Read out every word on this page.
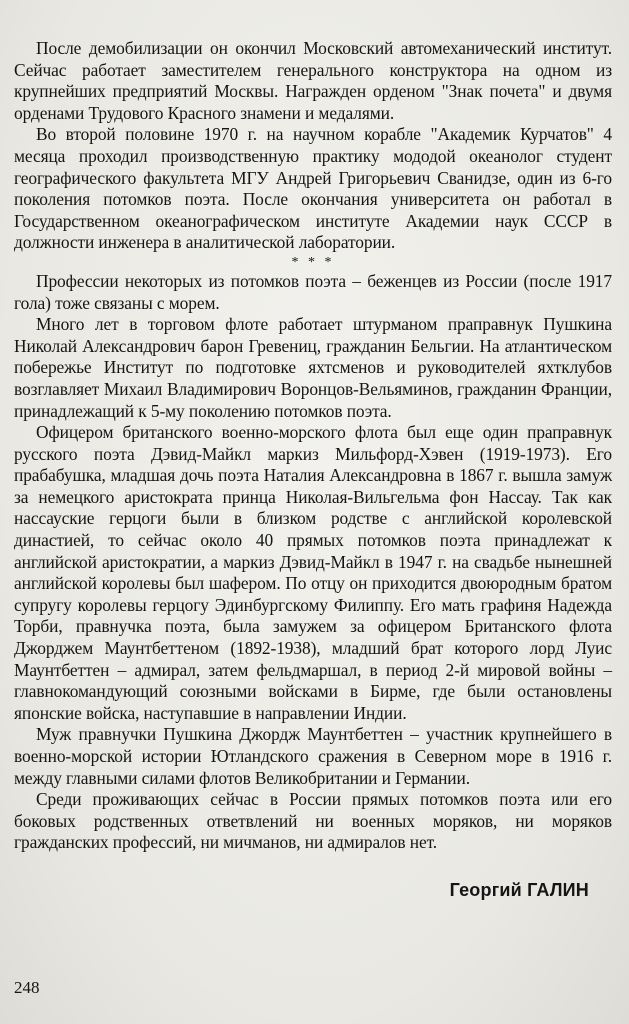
После демобилизации он окончил Московский автомеханический институт. Сейчас работает заместителем генерального конструктора на одном из крупнейших предприятий Москвы. Награжден орденом "Знак почета" и двумя орденами Трудового Красного знамени и медалями.

Во второй половине 1970 г. на научном корабле "Академик Курчатов" 4 месяца проходил производственную практику мододой океанолог студент географического факультета МГУ Андрей Григорьевич Сванидзе, один из 6-го поколения потомков поэта. После окончания университета он работал в Государственном океанографическом институте Академии наук СССР в должности инженера в аналитической лаборатории.

* * *

Профессии некоторых из потомков поэта – беженцев из России (после 1917 гола) тоже связаны с морем.

Много лет в торговом флоте работает штурманом праправнук Пушкина Николай Александрович барон Гревениц, гражданин Бельгии. На атлантическом побережье Институт по подготовке яхтсменов и руководителей яхтклубов возглавляет Михаил Владимирович Воронцов-Вельяминов, гражданин Франции, принадлежащий к 5-му поколению потомков поэта.

Офицером британского военно-морского флота был еще один праправнук русского поэта Дэвид-Майкл маркиз Мильфорд-Хэвен (1919-1973). Его прабабушка, младшая дочь поэта Наталия Александровна в 1867 г. вышла замуж за немецкого аристократа принца Николая-Вильгельма фон Нассау. Так как нассауские герцоги были в близком родстве с английской королевской династией, то сейчас около 40 прямых потомков поэта принадлежат к английской аристократии, а маркиз Дэвид-Майкл в 1947 г. на свадьбе нынешней английской королевы был шафером. По отцу он приходится двоюродным братом супругу королевы герцогу Эдинбургскому Филиппу. Его мать графиня Надежда Торби, правнучка поэта, была замужем за офицером Британского флота Джорджем Маунтбеттеном (1892-1938), младший брат которого лорд Луис Маунтбеттен – адмирал, затем фельдмаршал, в период 2-й мировой войны – главнокомандующий союзными войсками в Бирме, где были остановлены японские войска, наступавшие в направлении Индии.

Муж правнучки Пушкина Джордж Маунтбеттен – участник крупнейшего в военно-морской истории Ютландского сражения в Северном море в 1916 г. между главными силами флотов Великобритании и Германии.

Среди проживающих сейчас в России прямых потомков поэта или его боковых родственных ответвлений ни военных моряков, ни моряков гражданских профессий, ни мичманов, ни адмиралов нет.

Георгий ГАЛИН
248
